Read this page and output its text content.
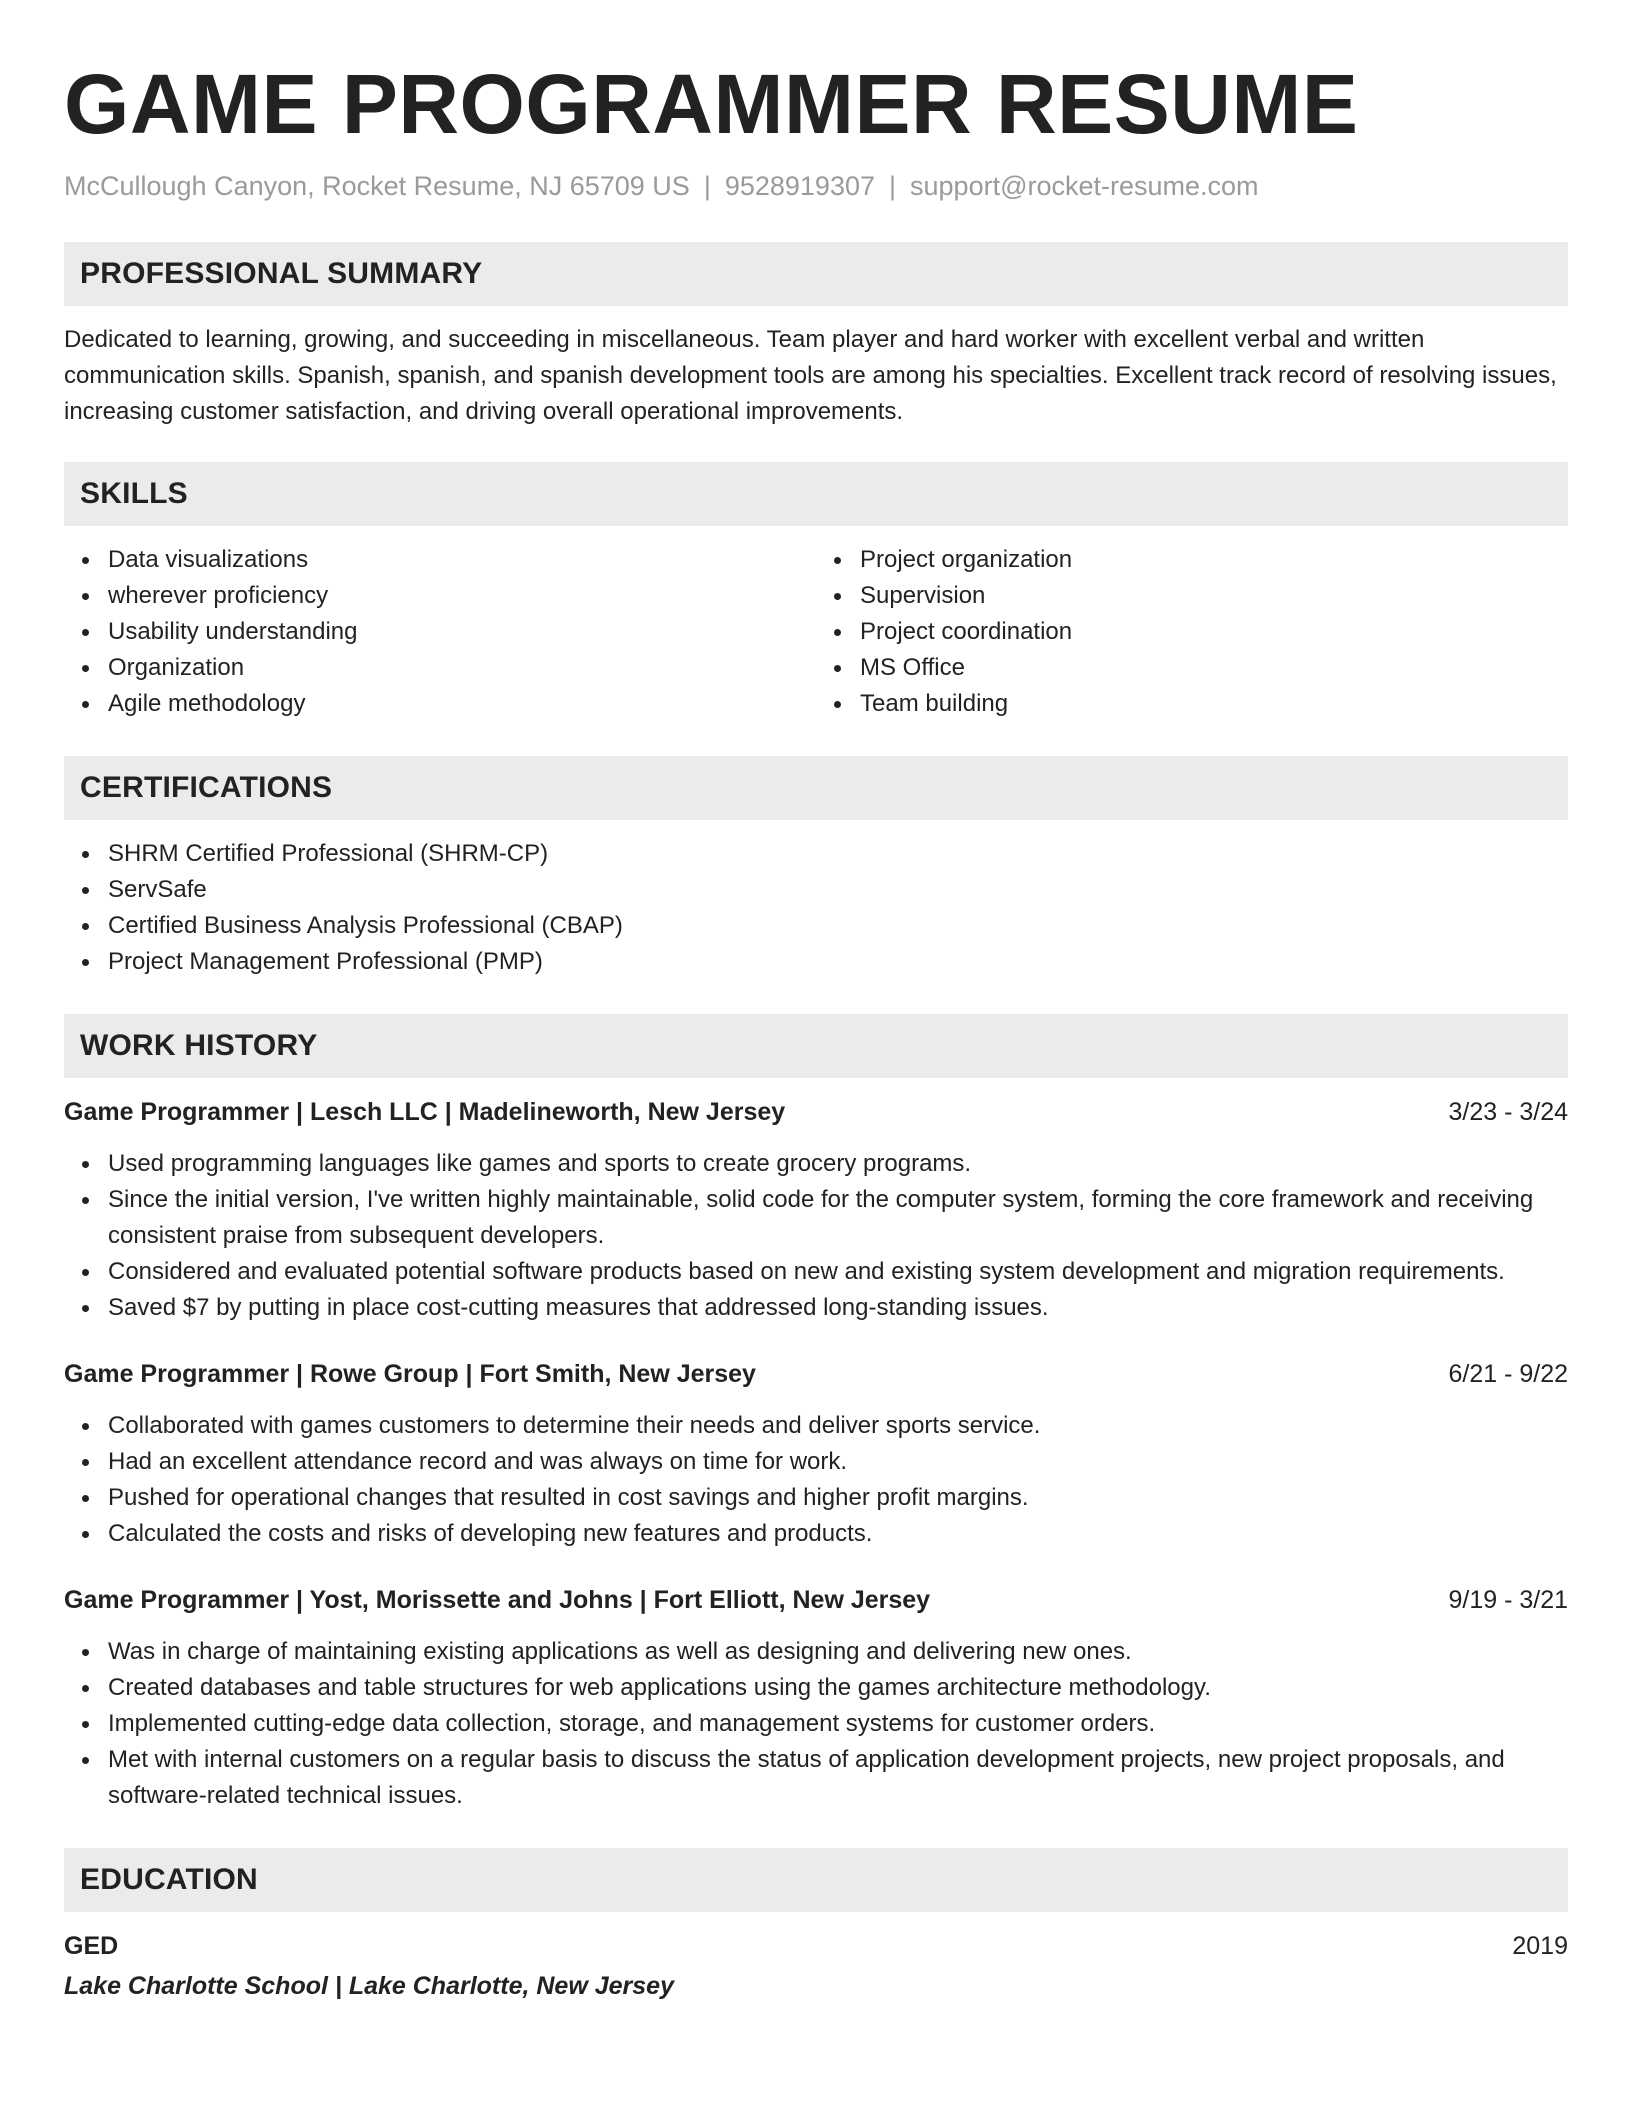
GAME PROGRAMMER RESUME
McCullough Canyon, Rocket Resume, NJ 65709 US | 9528919307 | support@rocket-resume.com
PROFESSIONAL SUMMARY

Dedicated to learning, growing, and succeeding in miscellaneous. Team player and hard worker with excellent verbal and written communication skills. Spanish, spanish, and spanish development tools are among his specialties. Excellent track record of resolving issues, increasing customer satisfaction, and driving overall operational improvements.

SKILLS
Data visualizations
wherever proficiency
Usability understanding
Organization
Agile methodology
Project organization
Supervision
Project coordination
MS Office
Team building
CERTIFICATIONS
SHRM Certified Professional (SHRM-CP)
ServSafe
Certified Business Analysis Professional (CBAP)
Project Management Professional (PMP)
WORK HISTORY
Game Programmer | Lesch LLC | Madelineworth, New Jersey	3/23 - 3/24
Used programming languages like games and sports to create grocery programs.
Since the initial version, I've written highly maintainable, solid code for the computer system, forming the core framework and receiving consistent praise from subsequent developers.
Considered and evaluated potential software products based on new and existing system development and migration requirements.
Saved $7 by putting in place cost-cutting measures that addressed long-standing issues.
Game Programmer | Rowe Group | Fort Smith, New Jersey	6/21 - 9/22
Collaborated with games customers to determine their needs and deliver sports service.
Had an excellent attendance record and was always on time for work.
Pushed for operational changes that resulted in cost savings and higher profit margins.
Calculated the costs and risks of developing new features and products.
Game Programmer | Yost, Morissette and Johns | Fort Elliott, New Jersey	9/19 - 3/21
Was in charge of maintaining existing applications as well as designing and delivering new ones.
Created databases and table structures for web applications using the games architecture methodology.
Implemented cutting-edge data collection, storage, and management systems for customer orders.
Met with internal customers on a regular basis to discuss the status of application development projects, new project proposals, and software-related technical issues.
EDUCATION
GED	2019
Lake Charlotte School | Lake Charlotte, New Jersey
